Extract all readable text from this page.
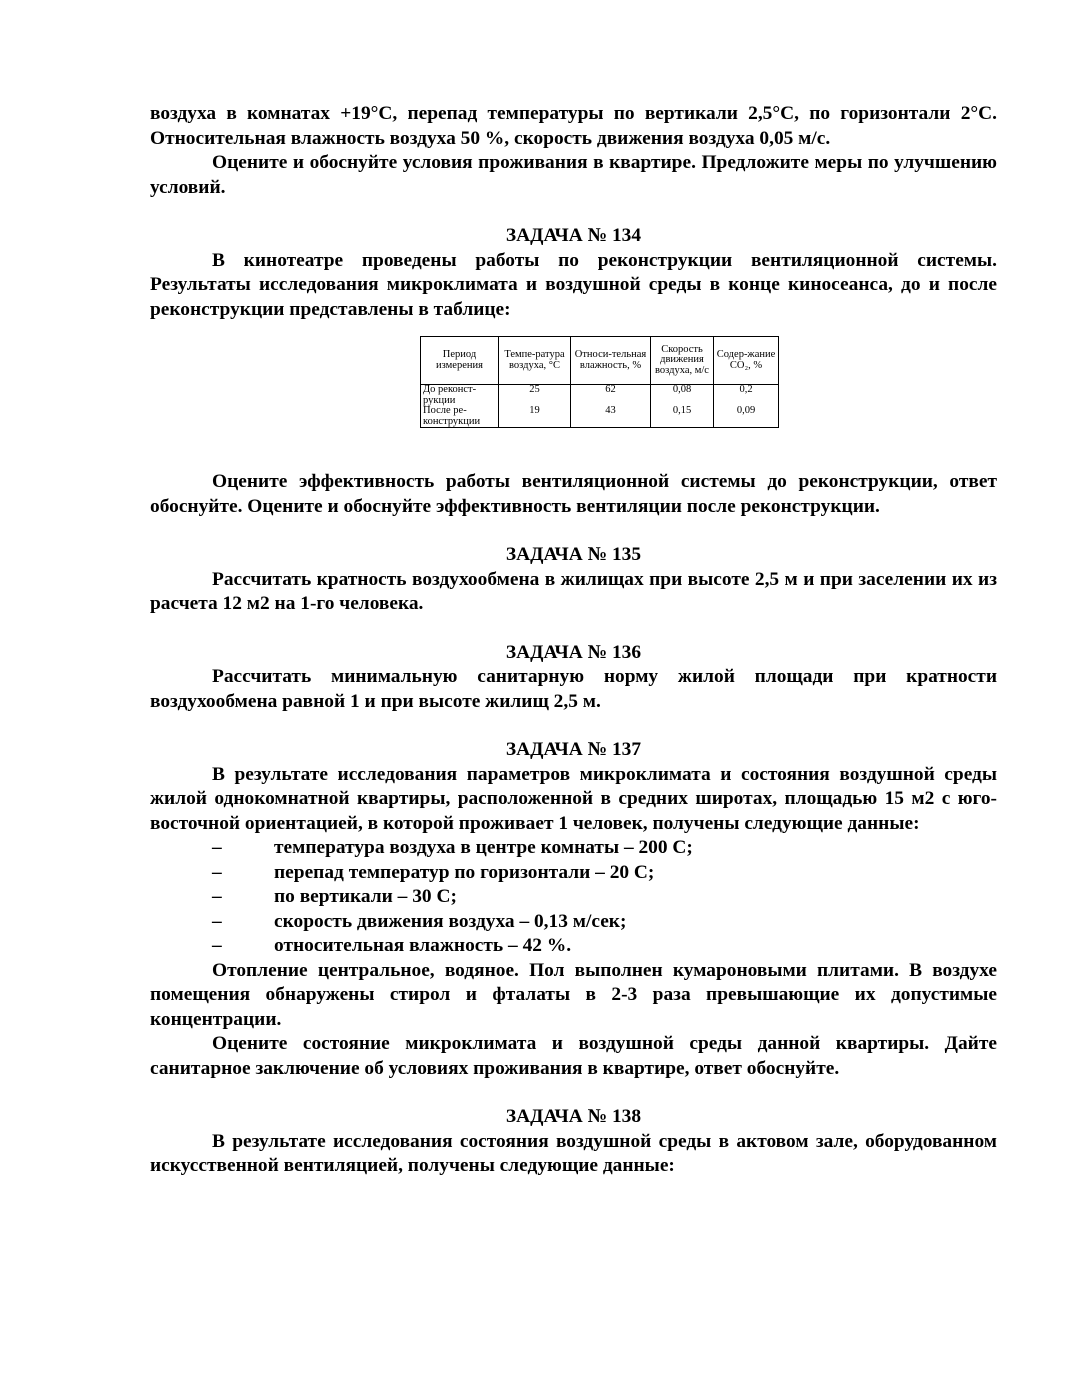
воздуха в комнатах +19°С, перепад температуры по вертикали 2,5°С, по горизонтали 2°С. Относительная влажность воздуха 50 %, скорость движения воздуха 0,05 м/с.

Оцените и обоснуйте условия проживания в квартире. Предложите меры по улучшению условий.

ЗАДАЧА № 134

В кинотеатре проведены работы по реконструкции вентиляционной системы. Результаты исследования микроклимата и воздушной среды в конце киносеанса, до и после реконструкции представлены в таблице:

Период измерения	Темпе-ратура воздуха, °С	Относи-тельная влажность, %	Скорость движения воздуха, м/с	Содер-жание СО₂, %
До реконст-рукции	25	62	0,08	0,2
После ре-конструкции	19	43	0,15	0,09

Оцените эффективность работы вентиляционной системы до реконструкции, ответ обоснуйте. Оцените и обоснуйте эффективность вентиляции после реконструкции.

ЗАДАЧА № 135

Рассчитать кратность воздухообмена в жилищах при высоте 2,5 м и при заселении их из расчета 12 м2 на 1-го человека.

ЗАДАЧА № 136

Рассчитать минимальную санитарную норму жилой площади при кратности воздухообмена равной 1 и при высоте жилищ 2,5 м.

ЗАДАЧА № 137

В результате исследования параметров микроклимата и состояния воздушной среды жилой однокомнатной квартиры, расположенной в средних широтах, площадью 15 м2 с юго-восточной ориентацией, в которой проживает 1 человек, получены следующие данные:

–	температура воздуха в центре комнаты – 200 С;
–	перепад температур по горизонтали – 20 С;
–	по вертикали – 30 С;
–	скорость движения воздуха – 0,13 м/сек;
–	относительная влажность – 42 %.

Отопление центральное, водяное. Пол выполнен кумароновыми плитами. В воздухе помещения обнаружены стирол и фталаты в 2-3 раза превышающие их допустимые концентрации.

Оцените состояние микроклимата и воздушной среды данной квартиры. Дайте санитарное заключение об условиях проживания в квартире, ответ обоснуйте.

ЗАДАЧА № 138

В результате исследования состояния воздушной среды в актовом зале, оборудованном искусственной вентиляцией, получены следующие данные:
